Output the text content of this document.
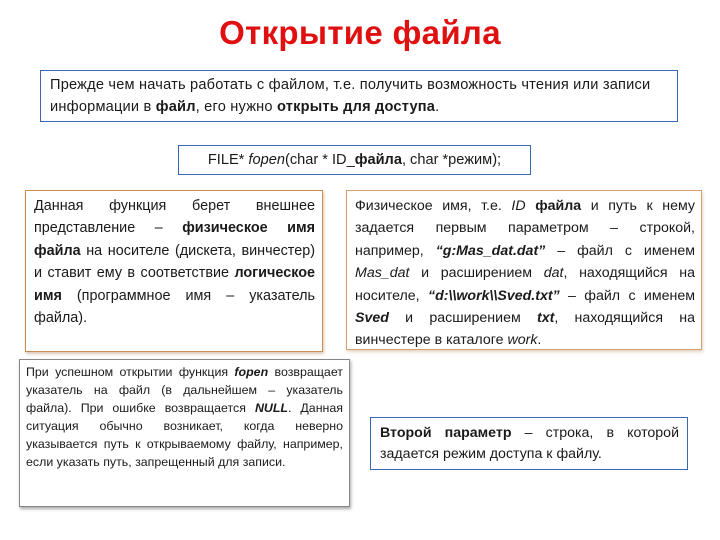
Открытие файла
Прежде чем начать работать с файлом, т.е. получить возможность чтения или записи информации в файл, его нужно открыть для доступа.
FILE* fopen(char * ID_файла, char *режим);
Данная функция берет внешнее представление – физическое имя файла на носителе (дискета, винчестер) и ставит ему в соответствие логическое имя (программное имя – указатель файла).
Физическое имя, т.е. ID файла и путь к нему задается первым параметром – строкой, например, “g:Mas_dat.dat” – файл с именем Mas_dat и расширением dat, находящийся на носителе, “d:\\work\\Sved.txt” – файл с именем Sved и расширением txt, находящийся на винчестере в каталоге work.
При успешном открытии функция fopen возвращает указатель на файл (в дальнейшем – указатель файла). При ошибке возвращается NULL. Данная ситуация обычно возникает, когда неверно указывается путь к открываемому файлу, например, если указать путь, запрещенный для записи.
Второй параметр – строка, в которой задается режим доступа к файлу.
